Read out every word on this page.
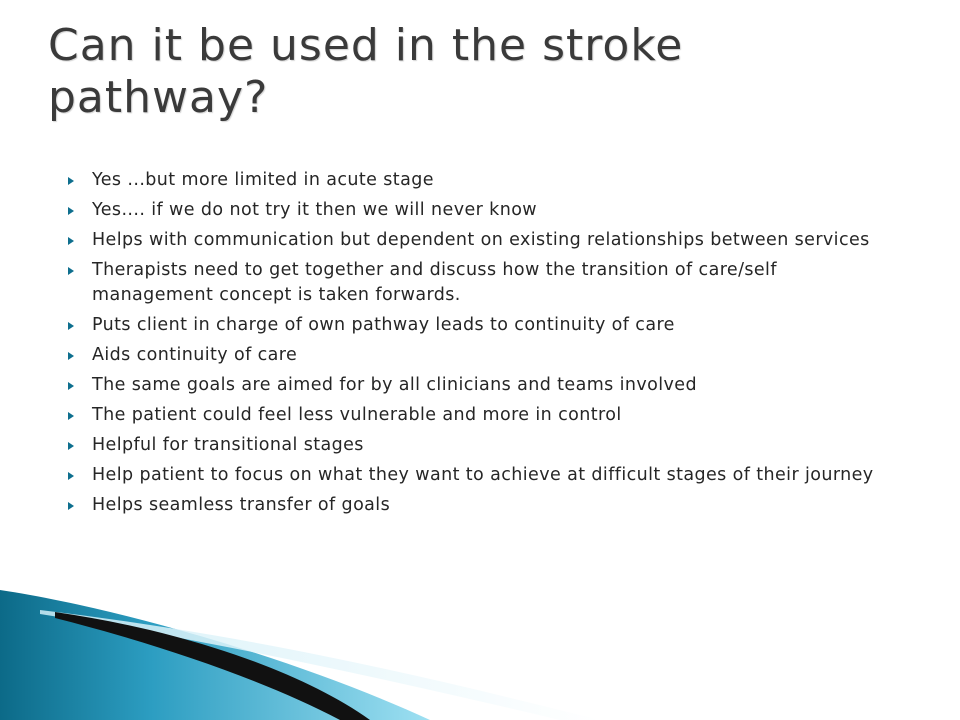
Can it be used in the stroke pathway?
Yes ...but more limited in acute stage
Yes.... if we do not try it then we will never know
Helps with communication but dependent on existing relationships between services
Therapists need to get together and discuss how the transition of care/self management concept is taken forwards.
Puts client in charge of own pathway leads to continuity of care
Aids continuity of care
The same goals are aimed for by all clinicians and teams involved
The patient could feel less vulnerable and more in control
Helpful for transitional stages
Help patient to focus on what they want to achieve at difficult stages of their journey
Helps seamless transfer of goals
